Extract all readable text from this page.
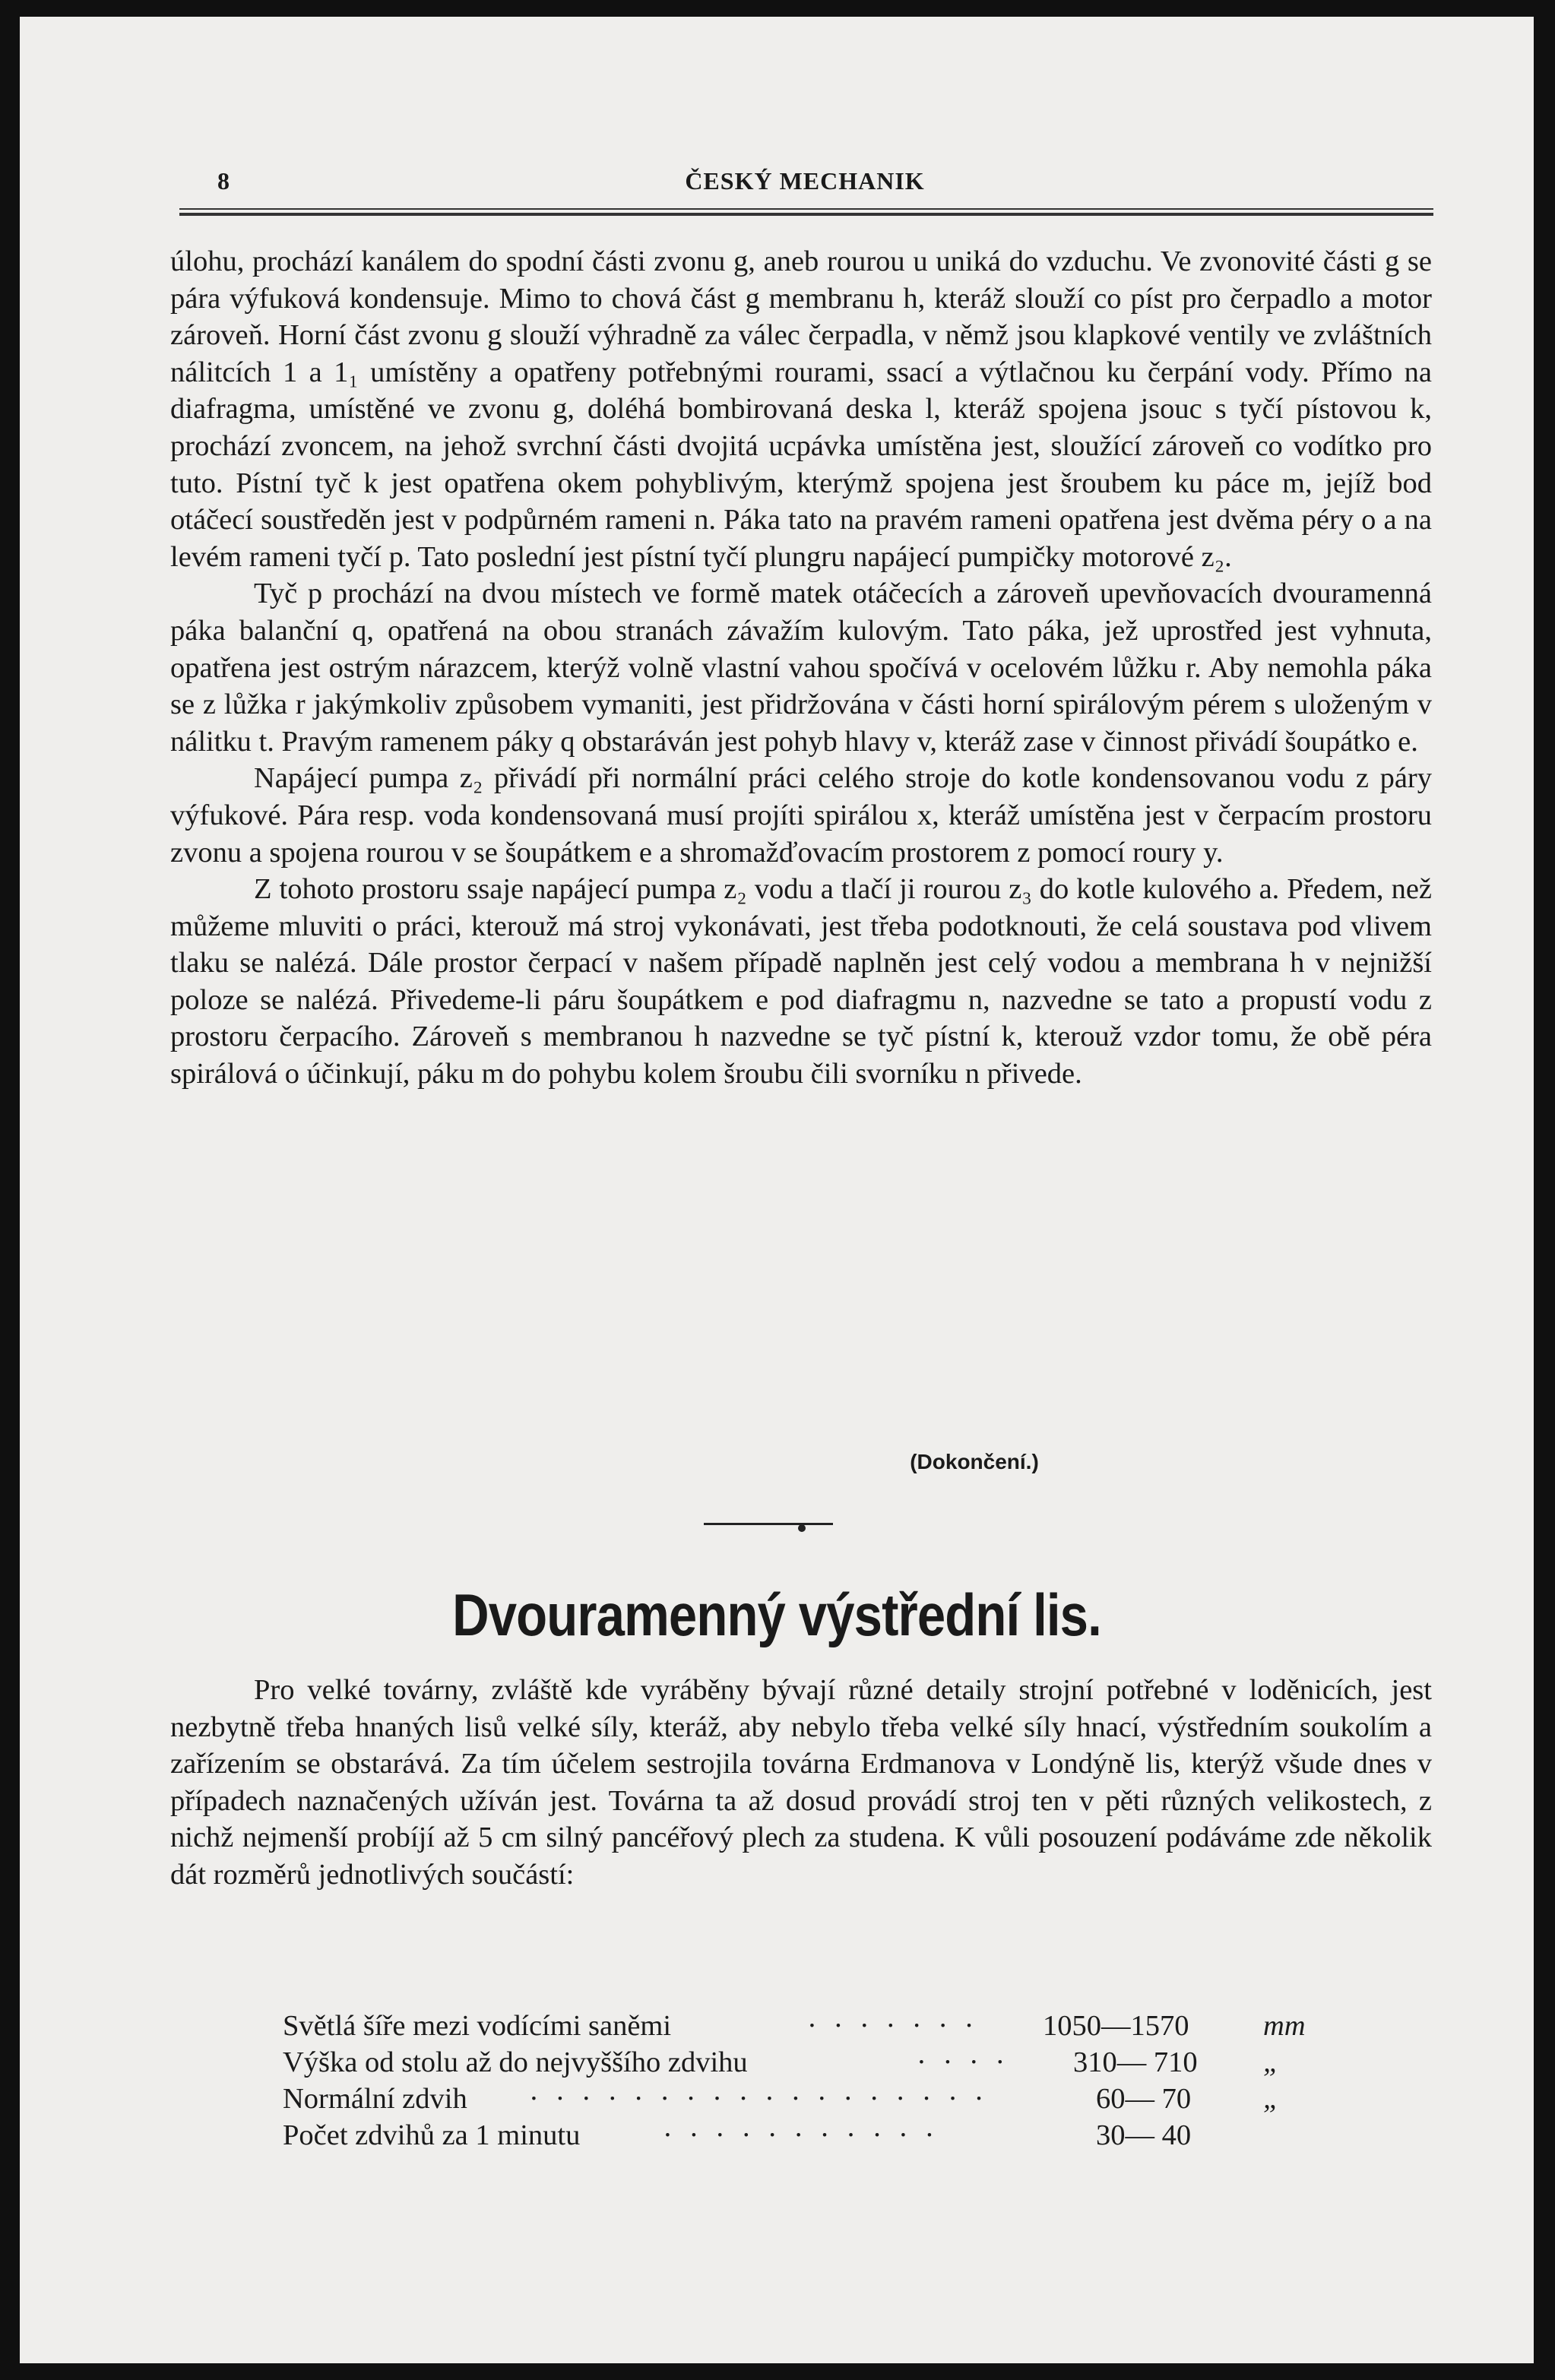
8	ČESKÝ MECHANIK

úlohu, prochází kanálem do spodní části zvonu g, aneb rourou u uniká do vzduchu. Ve zvonovité části g se pára výfuková kondensuje. Mimo to chová část g membranu h, kteráž slouží co píst pro čerpadlo a motor zároveň. Horní část zvonu g slouží výhradně za válec čerpadla, v němž jsou klapkové ventily ve zvláštních nálitcích 1 a 1₁ umístěny a opatřeny potřebnými rourami, ssací a výtlačnou ku čerpání vody. Přímo na diafragma, umístěné ve zvonu g, doléhá bombirovaná deska l, kteráž spojena jsouc s tyčí pístovou k, prochází zvoncem, na jehož svrchní části dvojitá ucpávka umístěna jest, sloužící zároveň co vodítko pro tuto. Pístní tyč k jest opatřena okem pohyblivým, kterýmž spojena jest šroubem ku páce m, jejíž bod otáčecí soustředěn jest v podpůrném rameni n. Páka tato na pravém rameni opatřena jest dvěma péry o a na levém rameni tyčí p. Tato poslední jest pístní tyčí plungru napájecí pumpičky motorové z₂.

Tyč p prochází na dvou místech ve formě matek otáčecích a zároveň upevňovacích dvouramenná páka balanční q, opatřená na obou stranách závažím kulovým. Tato páka, jež uprostřed jest vyhnuta, opatřena jest ostrým nárazcem, kterýž volně vlastní vahou spočívá v ocelovém lůžku r. Aby nemohla páka se z lůžka r jakýmkoliv způsobem vymaniti, jest přidržována v části horní spirálovým pérem s uloženým v nálitku t. Pravým ramenem páky q obstaráván jest pohyb hlavy v, kteráž zase v činnost přivádí šoupátko e.

Napájecí pumpa z₂ přivádí při normální práci celého stroje do kotle kondensovanou vodu z páry výfukové. Pára resp. voda kondensovaná musí projíti spirálou x, kteráž umístěna jest v čerpacím prostoru zvonu a spojena rourou v se šoupátkem e a shromažďovacím prostorem z pomocí roury y.

Z tohoto prostoru ssaje napájecí pumpa z₂ vodu a tlačí ji rourou z₃ do kotle kulového a. Předem, než můžeme mluviti o práci, kterouž má stroj vykonávati, jest třeba podotknouti, že celá soustava pod vlivem tlaku se nalézá. Dále prostor čerpací v našem případě naplněn jest celý vodou a membrana h v nejnižší poloze se nalézá. Přivedeme-li páru šoupátkem e pod diafragmu n, nazvedne se tato a propustí vodu z prostoru čerpacího. Zároveň s membranou h nazvedne se tyč pístní k, kterouž vzdor tomu, že obě péra spirálová o účinkují, páku m do pohybu kolem šroubu čili svorníku n přivede.

(Dokončení.)
Dvouramenný výstřední lis.

Pro velké továrny, zvláště kde vyráběny bývají různé detaily strojní potřebné v loděnicích, jest nezbytně třeba hnaných lisů velké síly, kteráž, aby nebylo třeba velké síly hnací, výstředním soukolím a zařízením se obstarává. Za tím účelem sestrojila továrna Erdmanova v Londýně lis, kterýž všude dnes v případech naznačených užíván jest. Továrna ta až dosud provádí stroj ten v pěti různých velikostech, z nichž nejmenší probíjí až 5 cm silný pancéřový plech za studena. K vůli posouzení podáváme zde několik dát rozměrů jednotlivých součástí:

Světlá šíře mezi vodícími saněmi	· · · · · · · 1050—1570	mm
Výška od stolu až do nejvyššího zdvihu	· · · · 310— 710	„
Normální zdvih · · · · · · · · · · · · · · · · · ·	60— 70	„
Počet zdvihů za 1 minutu	· · · · · · · · · · ·	30— 40
